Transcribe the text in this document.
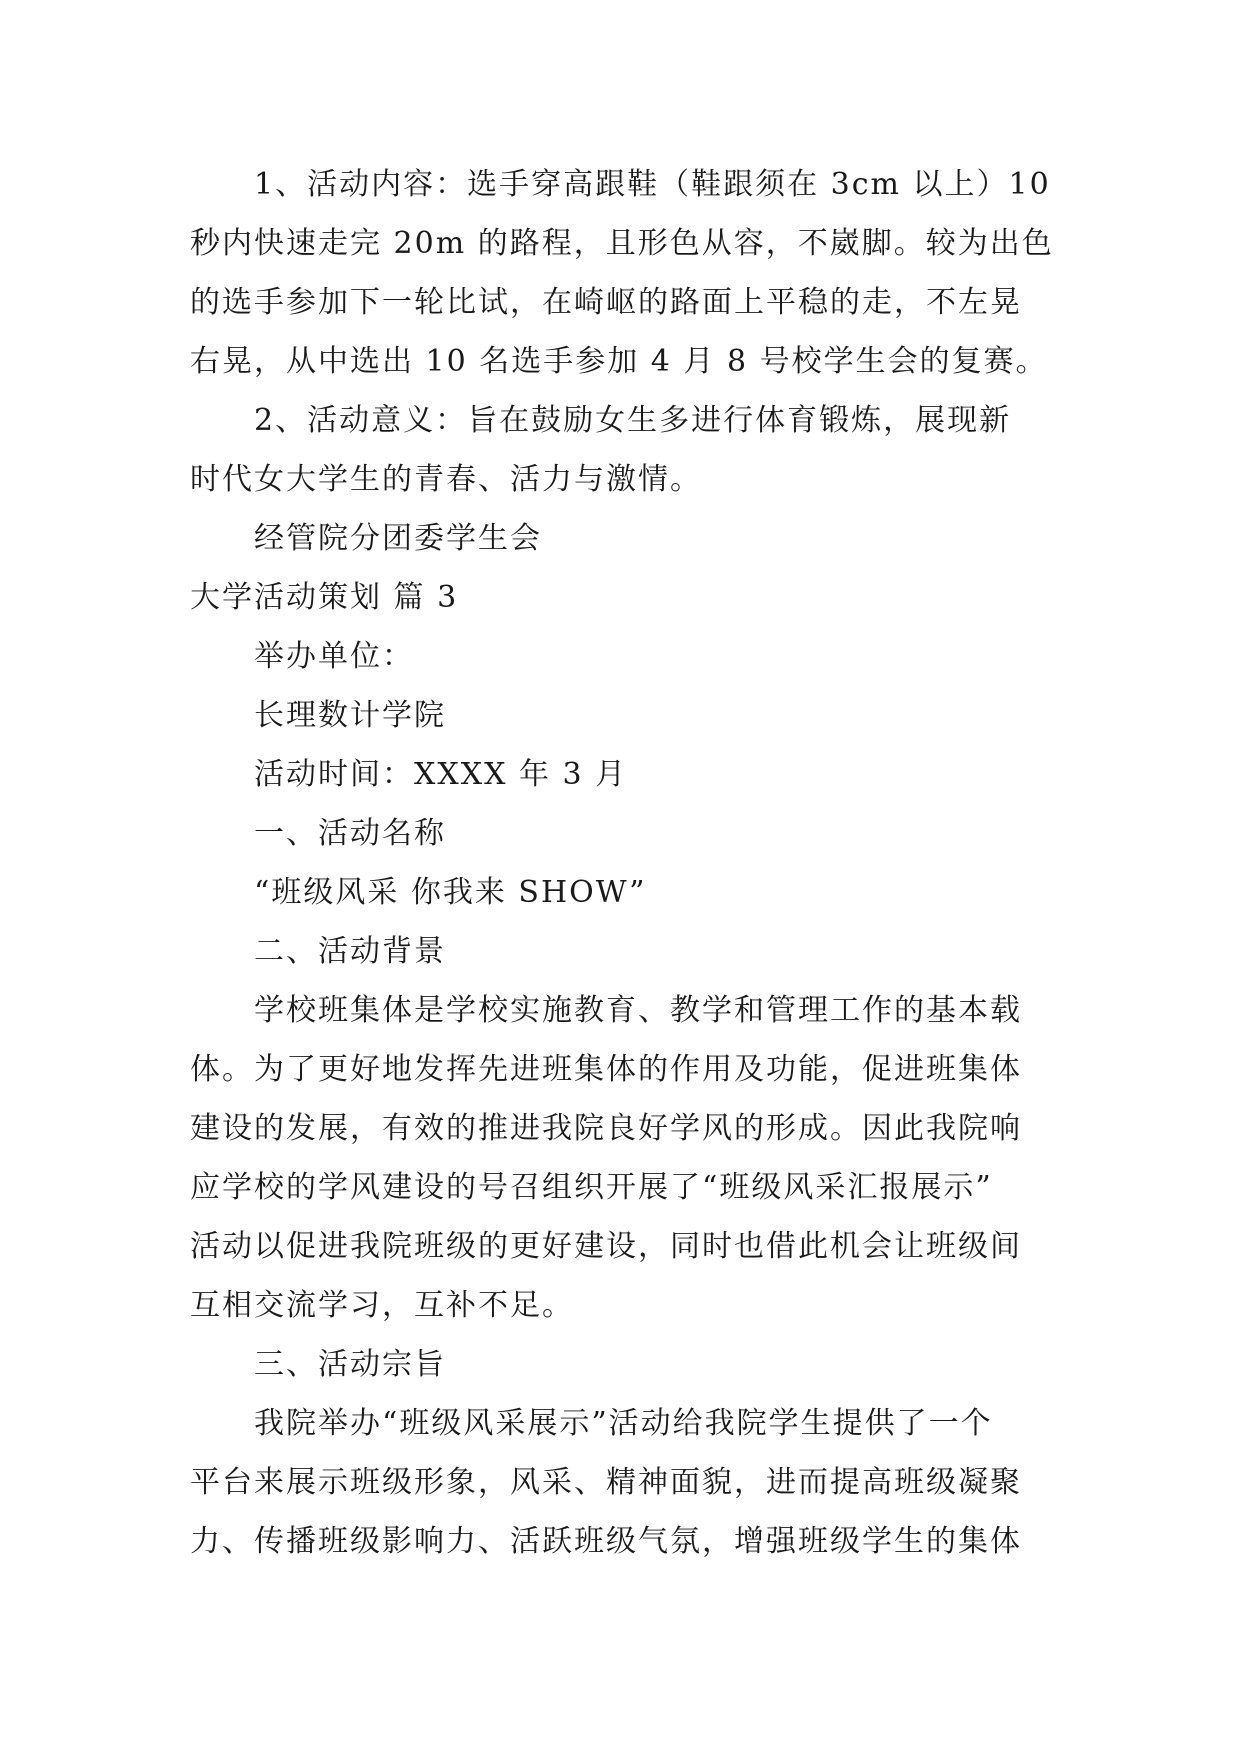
1、活动内容：选手穿高跟鞋（鞋跟须在 3cm 以上）10
秒内快速走完 20m 的路程，且形色从容，不崴脚。较为出色
的选手参加下一轮比试，在崎岖的路面上平稳的走，不左晃
右晃，从中选出 10 名选手参加 4 月 8 号校学生会的复赛。
2、活动意义：旨在鼓励女生多进行体育锻炼，展现新
时代女大学生的青春、活力与激情。
经管院分团委学生会
大学活动策划 篇 3
举办单位：
长理数计学院
活动时间：XXXX 年 3 月
一、活动名称
“班级风采 你我来 SHOW”
二、活动背景
学校班集体是学校实施教育、教学和管理工作的基本载
体。为了更好地发挥先进班集体的作用及功能，促进班集体
建设的发展，有效的推进我院良好学风的形成。因此我院响
应学校的学风建设的号召组织开展了“班级风采汇报展示”
活动以促进我院班级的更好建设，同时也借此机会让班级间
互相交流学习，互补不足。
三、活动宗旨
我院举办“班级风采展示”活动给我院学生提供了一个
平台来展示班级形象，风采、精神面貌，进而提高班级凝聚
力、传播班级影响力、活跃班级气氛，增强班级学生的集体
